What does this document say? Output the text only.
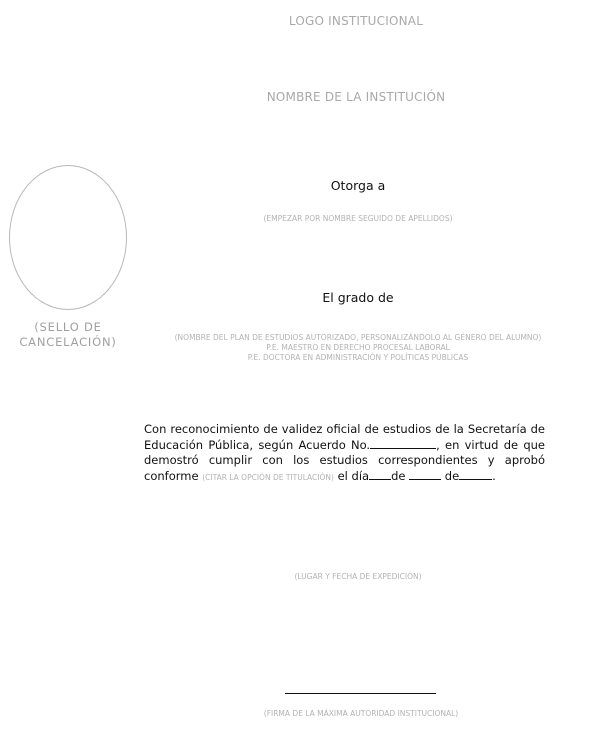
LOGO INSTITUCIONAL
NOMBRE DE LA INSTITUCIÓN
(SELLO DE
CANCELACIÓN)
Otorga a
(EMPEZAR POR NOMBRE SEGUIDO DE APELLIDOS)
El grado de
(NOMBRE DEL PLAN DE ESTUDIOS AUTORIZADO, PERSONALIZÁNDOLO AL GÉNERO DEL ALUMNO)
P.E. MAESTRO EN DERECHO PROCESAL LABORAL
P.E. DOCTORA EN ADMINISTRACIÓN Y POLÍTICAS PÚBLICAS

Con reconocimiento de validez oficial de estudios de la Secretaría de Educación Pública, según Acuerdo No.	, en virtud de que demostró cumplir con los estudios correspondientes y aprobó conforme (CITAR LA OPCIÓN DE TITULACIÓN) el día de	de	.

(LUGAR Y FECHA DE EXPEDICIÓN)
(FIRMA DE LA MÁXIMA AUTORIDAD INSTITUCIONAL)
